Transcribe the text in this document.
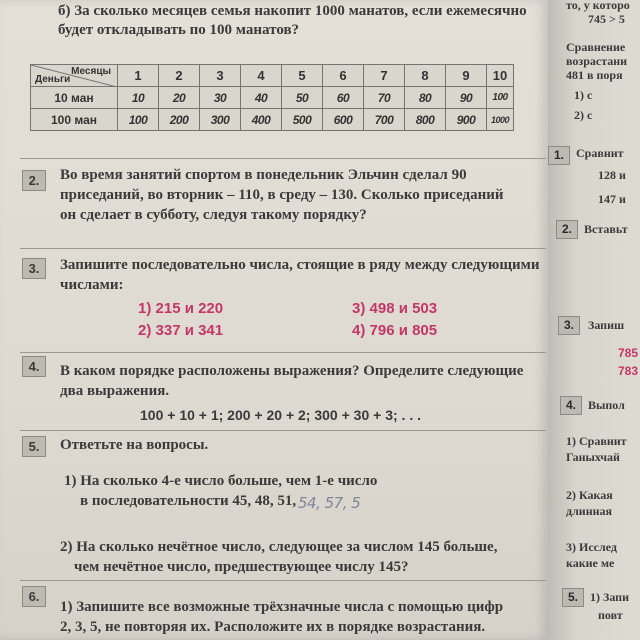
б) За сколько месяцев семья накопит 1000 манатов, если ежемесячно
будет откладывать по 100 манатов?
Месяцы
Деньги	1	2	3	4	5	6	7	8	9	10
10 ман	10	20	30	40	50	60	70	80	90	100
100 ман	100	200	300	400	500	600	700	800	900	1000
2.	Во время занятий спортом в понедельник Эльчин сделал 90
приседаний, во вторник – 110, в среду – 130. Сколько приседаний
он сделает в субботу, следуя такому порядку?
3.	Запишите последовательно числа, стоящие в ряду между следующими
числами:
1) 215 и 220
2) 337 и 341
3) 498 и 503
4) 796 и 805
4.	В каком порядке расположены выражения? Определите следующие
два выражения.
100 + 10 + 1; 200 + 20 + 2; 300 + 30 + 3; . . .
5.	Ответьте на вопросы.
1) На сколько 4-е число больше, чем 1-е число
в последовательности 45, 48, 51, 54, 57, 5
2) На сколько нечётное число, следующее за числом 145 больше,
чем нечётное число, предшествующее числу 145?
6.
1) Запишите все возможные трёхзначные числа с помощью цифр
2, 3, 5, не повторяя их. Расположите их в порядке возрастания.
то, у которо
745 > 5
Сравнение
возрастани
481 в поря
1) с
2) с
1.	Сравнит
128 и
147 и
2.	Вставьт
3.	Запиш
785
783
4.	Выпол
1) Сравнит
Ганыхчай
2) Какая
длинная
3) Исслед
какие ме
5.	1) Запи
повт
